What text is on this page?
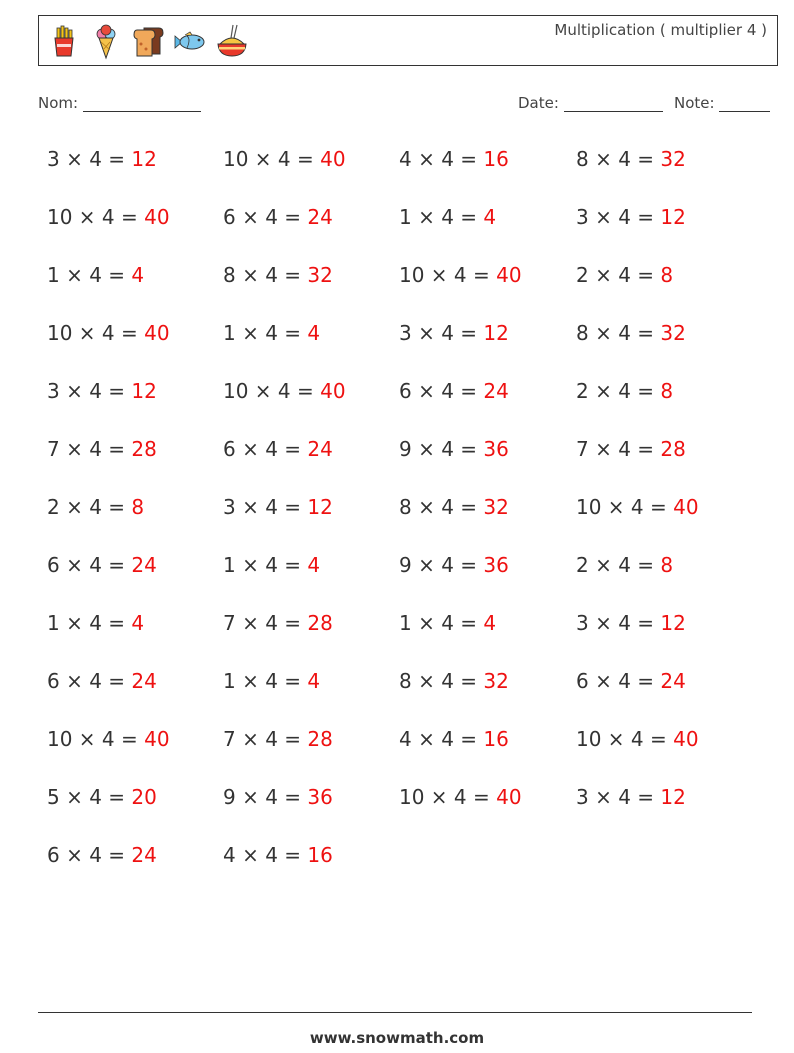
Multiplication ( multiplier 4 )
Nom:	Date:	Note:
3 × 4 = 12	10 × 4 = 40	4 × 4 = 16	8 × 4 = 32
10 × 4 = 40	6 × 4 = 24	1 × 4 = 4	3 × 4 = 12
1 × 4 = 4	8 × 4 = 32	10 × 4 = 40	2 × 4 = 8
10 × 4 = 40	1 × 4 = 4	3 × 4 = 12	8 × 4 = 32
3 × 4 = 12	10 × 4 = 40	6 × 4 = 24	2 × 4 = 8
7 × 4 = 28	6 × 4 = 24	9 × 4 = 36	7 × 4 = 28
2 × 4 = 8	3 × 4 = 12	8 × 4 = 32	10 × 4 = 40
6 × 4 = 24	1 × 4 = 4	9 × 4 = 36	2 × 4 = 8
1 × 4 = 4	7 × 4 = 28	1 × 4 = 4	3 × 4 = 12
6 × 4 = 24	1 × 4 = 4	8 × 4 = 32	6 × 4 = 24
10 × 4 = 40	7 × 4 = 28	4 × 4 = 16	10 × 4 = 40
5 × 4 = 20	9 × 4 = 36	10 × 4 = 40	3 × 4 = 12
6 × 4 = 24	4 × 4 = 16
www.snowmath.com
